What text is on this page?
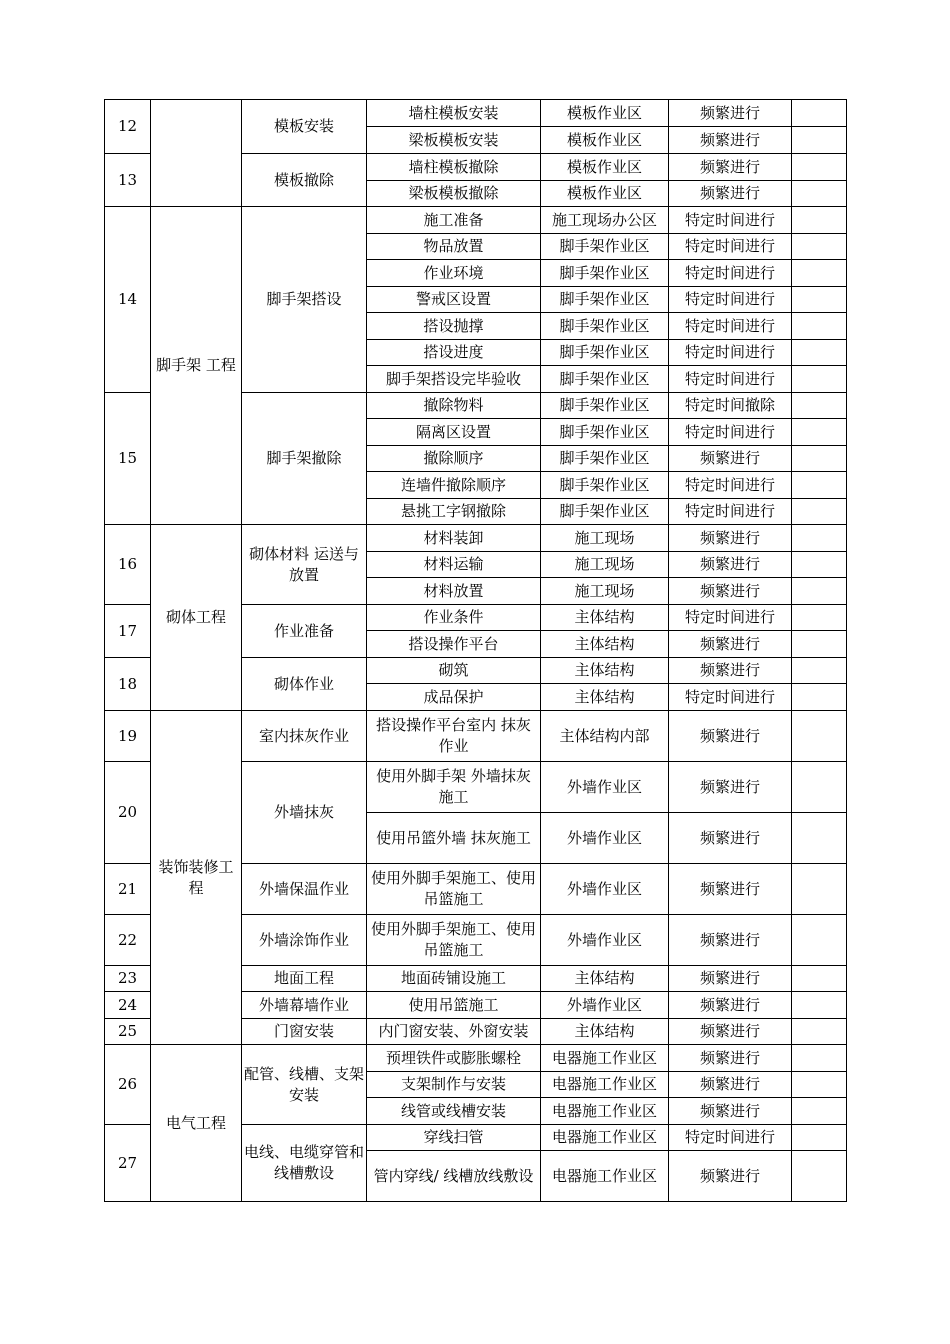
12		模板安装	墙柱模板安装	模板作业区	频繁进行	
			梁板模板安装	模板作业区	频繁进行	
13		模板撤除	墙柱模板撤除	模板作业区	频繁进行	
			梁板模板撤除	模板作业区	频繁进行	
14	脚手架 工程	脚手架搭设	施工准备	施工现场办公区	特定时间进行	
			物品放置	脚手架作业区	特定时间进行	
			作业环境	脚手架作业区	特定时间进行	
			警戒区设置	脚手架作业区	特定时间进行	
			搭设抛撑	脚手架作业区	特定时间进行	
			搭设进度	脚手架作业区	特定时间进行	
			脚手架搭设完毕验收	脚手架作业区	特定时间进行	
15		脚手架撤除	撤除物料	脚手架作业区	特定时间撤除	
			隔离区设置	脚手架作业区	特定时间进行	
			撤除顺序	脚手架作业区	频繁进行	
			连墙件撤除顺序	脚手架作业区	特定时间进行	
			悬挑工字钢撤除	脚手架作业区	特定时间进行	
16	砌体工程	砌体材料 运送与放置	材料装卸	施工现场	频繁进行	
			材料运输	施工现场	频繁进行	
			材料放置	施工现场	频繁进行	
17		作业准备	作业条件	主体结构	特定时间进行	
			搭设操作平台	主体结构	频繁进行	
18		砌体作业	砌筑	主体结构	频繁进行	
			成品保护	主体结构	特定时间进行	
19	装饰装修工程	室内抹灰作业	搭设操作平台室内 抹灰作业	主体结构内部	频繁进行	
20		外墙抹灰	使用外脚手架 外墙抹灰施工	外墙作业区	频繁进行	
			使用吊篮外墙 抹灰施工	外墙作业区	频繁进行	
21		外墙保温作业	使用外脚手架施工、使用吊篮施工	外墙作业区	频繁进行	
22		外墙涂饰作业	使用外脚手架施工、使用吊篮施工	外墙作业区	频繁进行	
23		地面工程	地面砖铺设施工	主体结构	频繁进行	
24		外墙幕墙作业	使用吊篮施工	外墙作业区	频繁进行	
25		门窗安装	内门窗安装、外窗安装	主体结构	频繁进行	
26	电气工程	配管、线槽、支架安装	预埋铁件或膨胀螺栓	电器施工作业区	频繁进行	
			支架制作与安装	电器施工作业区	频繁进行	
			线管或线槽安装	电器施工作业区	频繁进行	
27		电线、电缆穿管和线槽敷设	穿线扫管	电器施工作业区	特定时间进行	
			管内穿线/ 线槽放线敷设	电器施工作业区	频繁进行	
